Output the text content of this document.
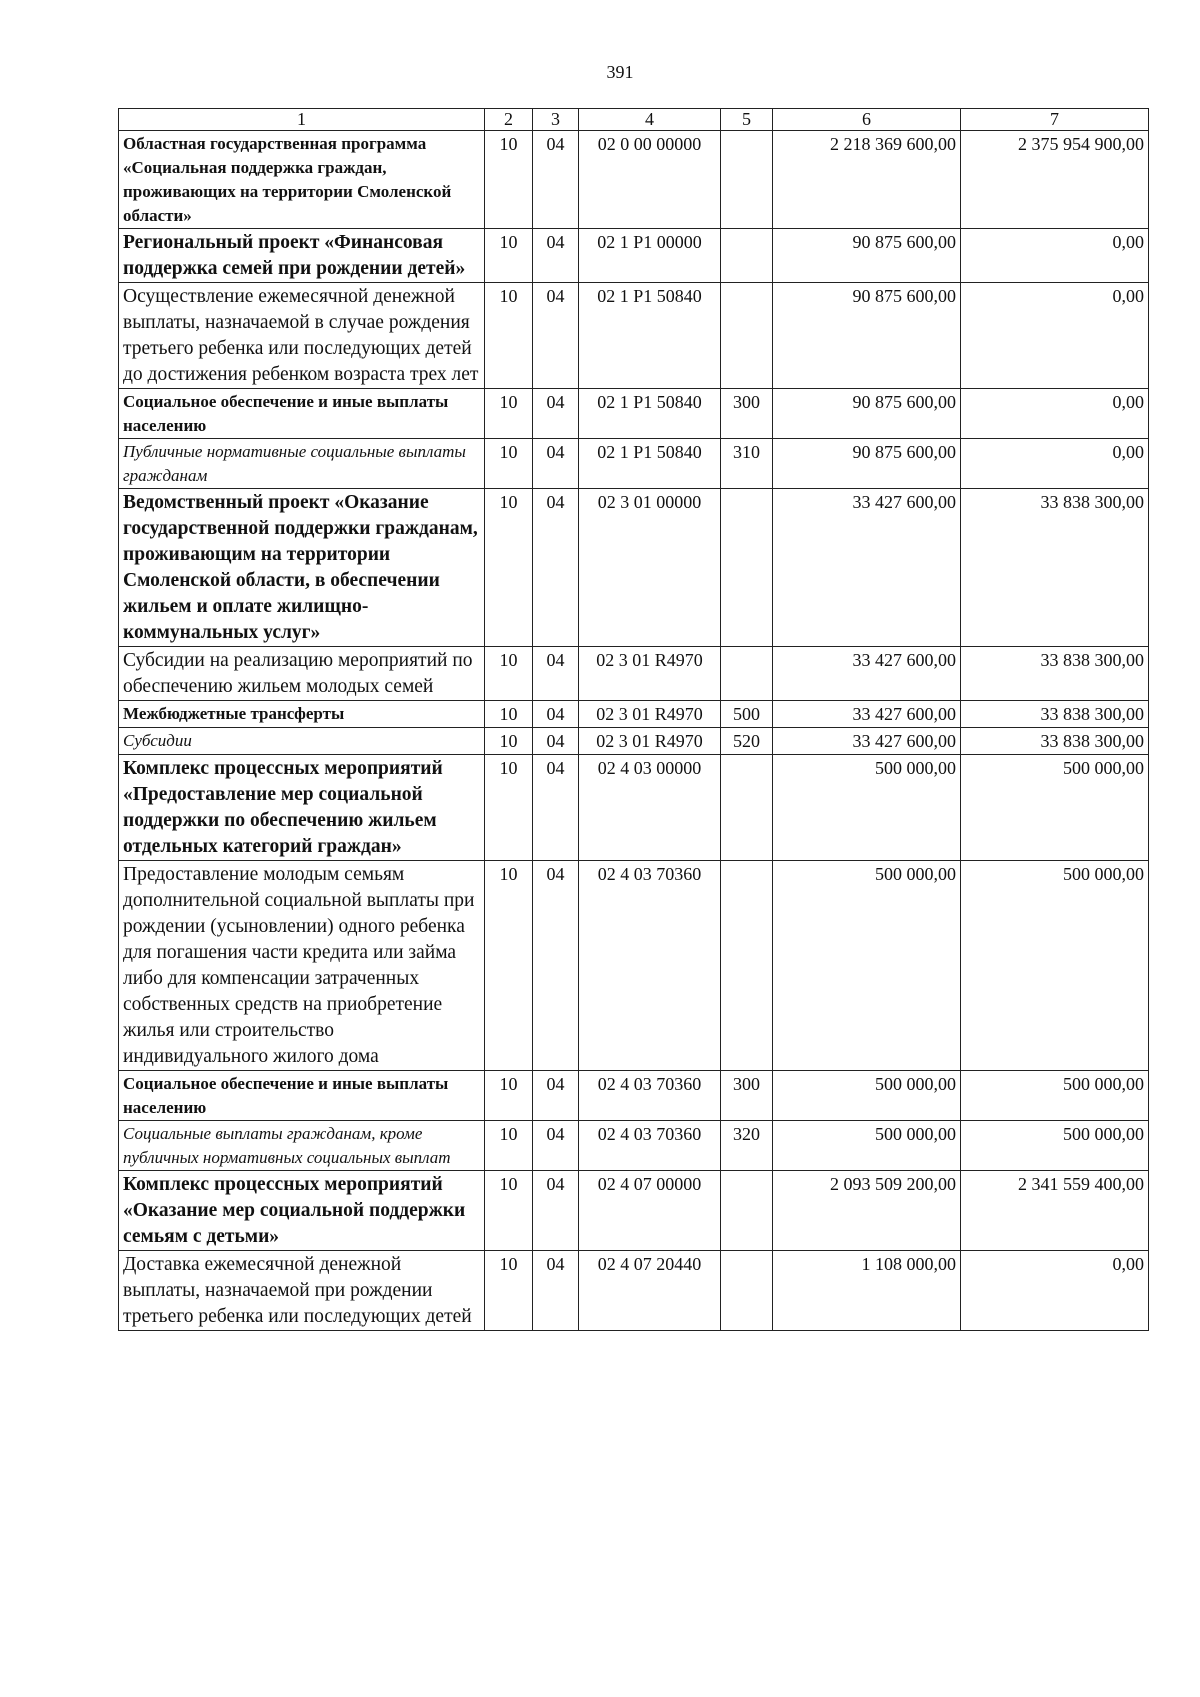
391
1	2	3	4	5	6	7
Областная государственная программа «Социальная поддержка граждан, проживающих на территории Смоленской области»	10	04	02 0 00 00000		2 218 369 600,00	2 375 954 900,00
Региональный проект «Финансовая поддержка семей при рождении детей»	10	04	02 1 P1 00000		90 875 600,00	0,00
Осуществление ежемесячной денежной выплаты, назначаемой в случае рождения третьего ребенка или последующих детей до достижения ребенком возраста трех лет	10	04	02 1 P1 50840		90 875 600,00	0,00
Социальное обеспечение и иные выплаты населению	10	04	02 1 P1 50840	300	90 875 600,00	0,00
Публичные нормативные социальные выплаты гражданам	10	04	02 1 P1 50840	310	90 875 600,00	0,00
Ведомственный проект «Оказание государственной поддержки гражданам, проживающим на территории Смоленской области, в обеспечении жильем и оплате жилищно-коммунальных услуг»	10	04	02 3 01 00000		33 427 600,00	33 838 300,00
Субсидии на реализацию мероприятий по обеспечению жильем молодых семей	10	04	02 3 01 R4970		33 427 600,00	33 838 300,00
Межбюджетные трансферты	10	04	02 3 01 R4970	500	33 427 600,00	33 838 300,00
Субсидии	10	04	02 3 01 R4970	520	33 427 600,00	33 838 300,00
Комплекс процессных мероприятий «Предоставление мер социальной поддержки по обеспечению жильем отдельных категорий граждан»	10	04	02 4 03 00000		500 000,00	500 000,00
Предоставление молодым семьям дополнительной социальной выплаты при рождении (усыновлении) одного ребенка для погашения части кредита или займа либо для компенсации затраченных собственных средств на приобретение жилья или строительство индивидуального жилого дома	10	04	02 4 03 70360		500 000,00	500 000,00
Социальное обеспечение и иные выплаты населению	10	04	02 4 03 70360	300	500 000,00	500 000,00
Социальные выплаты гражданам, кроме публичных нормативных социальных выплат	10	04	02 4 03 70360	320	500 000,00	500 000,00
Комплекс процессных мероприятий «Оказание мер социальной поддержки семьям с детьми»	10	04	02 4 07 00000		2 093 509 200,00	2 341 559 400,00
Доставка ежемесячной денежной выплаты, назначаемой при рождении третьего ребенка или последующих детей	10	04	02 4 07 20440		1 108 000,00	0,00
